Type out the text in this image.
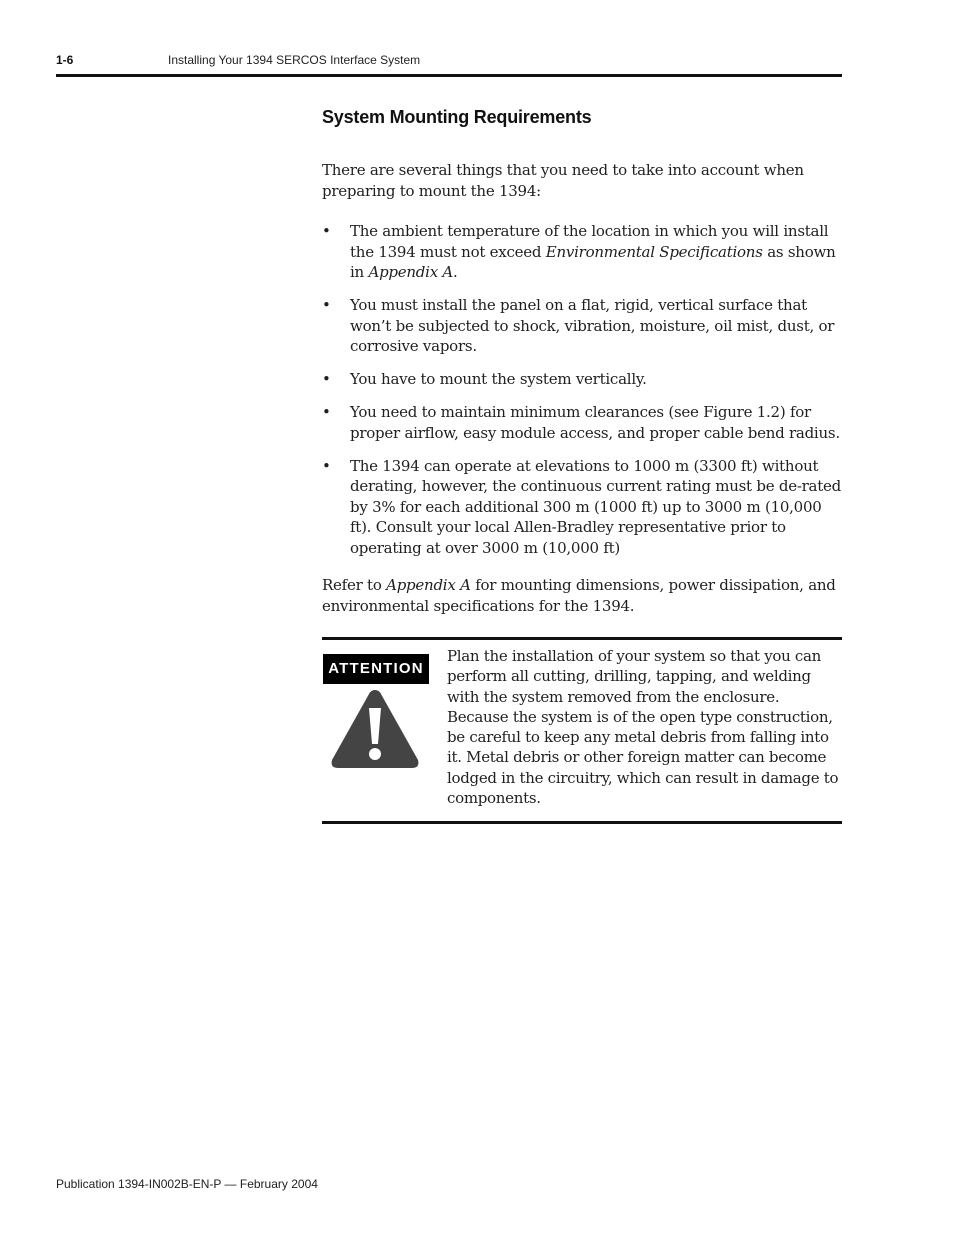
1-6	Installing Your 1394 SERCOS Interface System
System Mounting Requirements

There are several things that you need to take into account when preparing to mount the 1394:

• The ambient temperature of the location in which you will install the 1394 must not exceed Environmental Specifications as shown in Appendix A.
• You must install the panel on a flat, rigid, vertical surface that won’t be subjected to shock, vibration, moisture, oil mist, dust, or corrosive vapors.
• You have to mount the system vertically.
• You need to maintain minimum clearances (see Figure 1.2) for proper airflow, easy module access, and proper cable bend radius.
• The 1394 can operate at elevations to 1000 m (3300 ft) without derating, however, the continuous current rating must be de-rated by 3% for each additional 300 m (1000 ft) up to 3000 m (10,000 ft). Consult your local Allen-Bradley representative prior to operating at over 3000 m (10,000 ft)

Refer to Appendix A for mounting dimensions, power dissipation, and environmental specifications for the 1394.

ATTENTION

Plan the installation of your system so that you can perform all cutting, drilling, tapping, and welding with the system removed from the enclosure. Because the system is of the open type construction, be careful to keep any metal debris from falling into it. Metal debris or other foreign matter can become lodged in the circuitry, which can result in damage to components.

Publication 1394-IN002B-EN-P — February 2004
